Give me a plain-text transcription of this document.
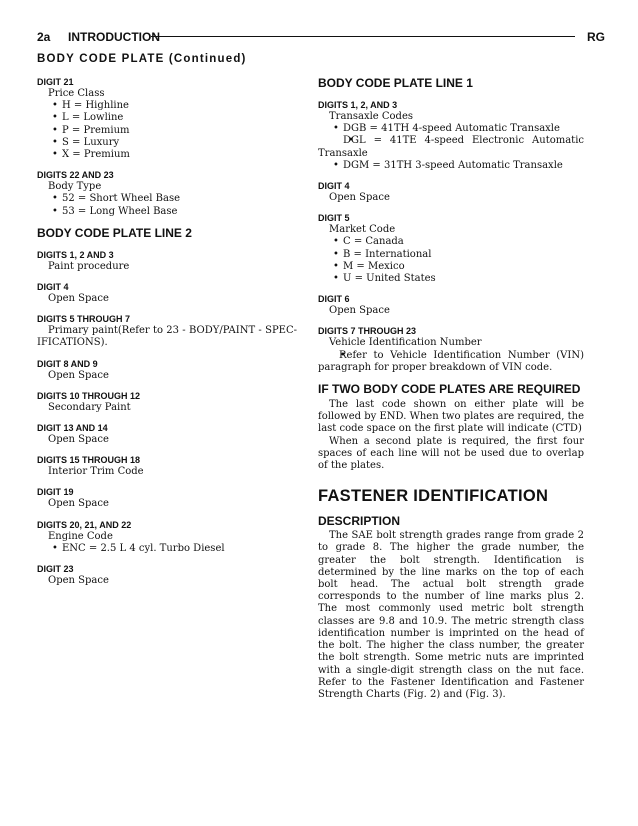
2a INTRODUCTION	RG
BODY CODE PLATE (Continued)

DIGIT 21

Price Class

• H = Highline

• L = Lowline

• P = Premium

• S = Luxury

• X = Premium

DIGITS 22 AND 23

Body Type

• 52 = Short Wheel Base

• 53 = Long Wheel Base

BODY CODE PLATE LINE 2

DIGITS 1, 2 AND 3

Paint procedure

DIGIT 4

Open Space

DIGITS 5 THROUGH 7

Primary paint(Refer to 23 - BODY/PAINT - SPEC-IFICATIONS).

DIGIT 8 AND 9

Open Space

DIGITS 10 THROUGH 12

Secondary Paint

DIGIT 13 AND 14

Open Space

DIGITS 15 THROUGH 18

Interior Trim Code

DIGIT 19

Open Space

DIGITS 20, 21, AND 22

Engine Code

• ENC = 2.5 L 4 cyl. Turbo Diesel

DIGIT 23

Open Space

BODY CODE PLATE LINE 1

DIGITS 1, 2, AND 3

Transaxle Codes

• DGB = 41TH 4-speed Automatic Transaxle

• DGL = 41TE 4-speed Electronic Automatic Transaxle

• DGM = 31TH 3-speed Automatic Transaxle

DIGIT 4

Open Space

DIGIT 5

Market Code

• C = Canada

• B = International

• M = Mexico

• U = United States

DIGIT 6

Open Space

DIGITS 7 THROUGH 23

Vehicle Identification Number

• Refer to Vehicle Identification Number (VIN) paragraph for proper breakdown of VIN code.

IF TWO BODY CODE PLATES ARE REQUIRED

The last code shown on either plate will be followed by END. When two plates are required, the last code space on the first plate will indicate (CTD)

When a second plate is required, the first four spaces of each line will not be used due to overlap of the plates.

FASTENER IDENTIFICATION

DESCRIPTION

The SAE bolt strength grades range from grade 2 to grade 8. The higher the grade number, the greater the bolt strength. Identification is determined by the line marks on the top of each bolt head. The actual bolt strength grade corresponds to the number of line marks plus 2. The most commonly used metric bolt strength classes are 9.8 and 10.9. The metric strength class identification number is imprinted on the head of the bolt. The higher the class number, the greater the bolt strength. Some metric nuts are imprinted with a single-digit strength class on the nut face. Refer to the Fastener Identification and Fastener Strength Charts (Fig. 2) and (Fig. 3).
